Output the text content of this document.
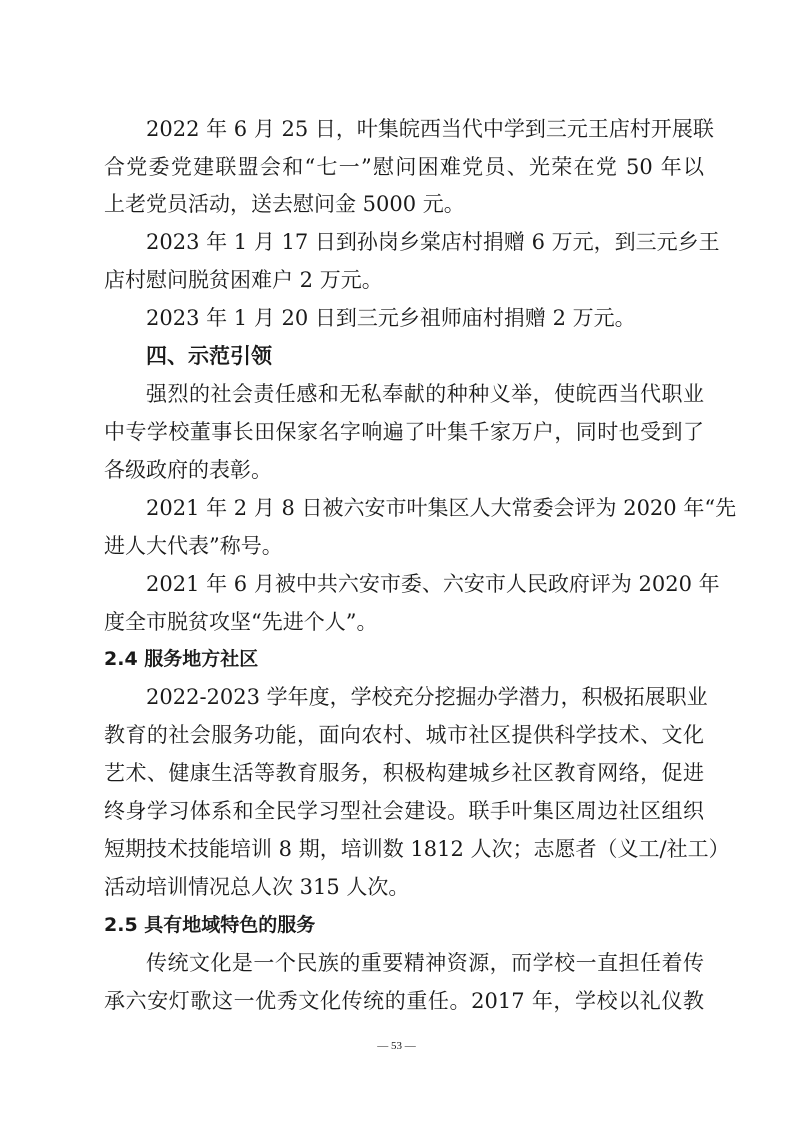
2022 年 6 月 25 日，叶集皖西当代中学到三元王店村开展联
合党委党建联盟会和“七一”慰问困难党员、光荣在党 50 年以
上老党员活动，送去慰问金 5000 元。
2023 年 1 月 17 日到孙岗乡棠店村捐赠 6 万元，到三元乡王
店村慰问脱贫困难户 2 万元。
2023 年 1 月 20 日到三元乡祖师庙村捐赠 2 万元。
四、示范引领
强烈的社会责任感和无私奉献的种种义举，使皖西当代职业
中专学校董事长田保家名字响遍了叶集千家万户，同时也受到了
各级政府的表彰。
2021 年 2 月 8 日被六安市叶集区人大常委会评为 2020 年“先
进人大代表”称号。
2021 年 6 月被中共六安市委、六安市人民政府评为 2020 年
度全市脱贫攻坚“先进个人”。
2.4 服务地方社区
2022-2023 学年度，学校充分挖掘办学潜力，积极拓展职业
教育的社会服务功能，面向农村、城市社区提供科学技术、文化
艺术、健康生活等教育服务，积极构建城乡社区教育网络，促进
终身学习体系和全民学习型社会建设。联手叶集区周边社区组织
短期技术技能培训 8 期，培训数 1812 人次；志愿者（义工/社工）
活动培训情况总人次 315 人次。
2.5 具有地域特色的服务
传统文化是一个民族的重要精神资源，而学校一直担任着传
承六安灯歌这一优秀文化传统的重任。2017 年，学校以礼仪教
— 53 —
